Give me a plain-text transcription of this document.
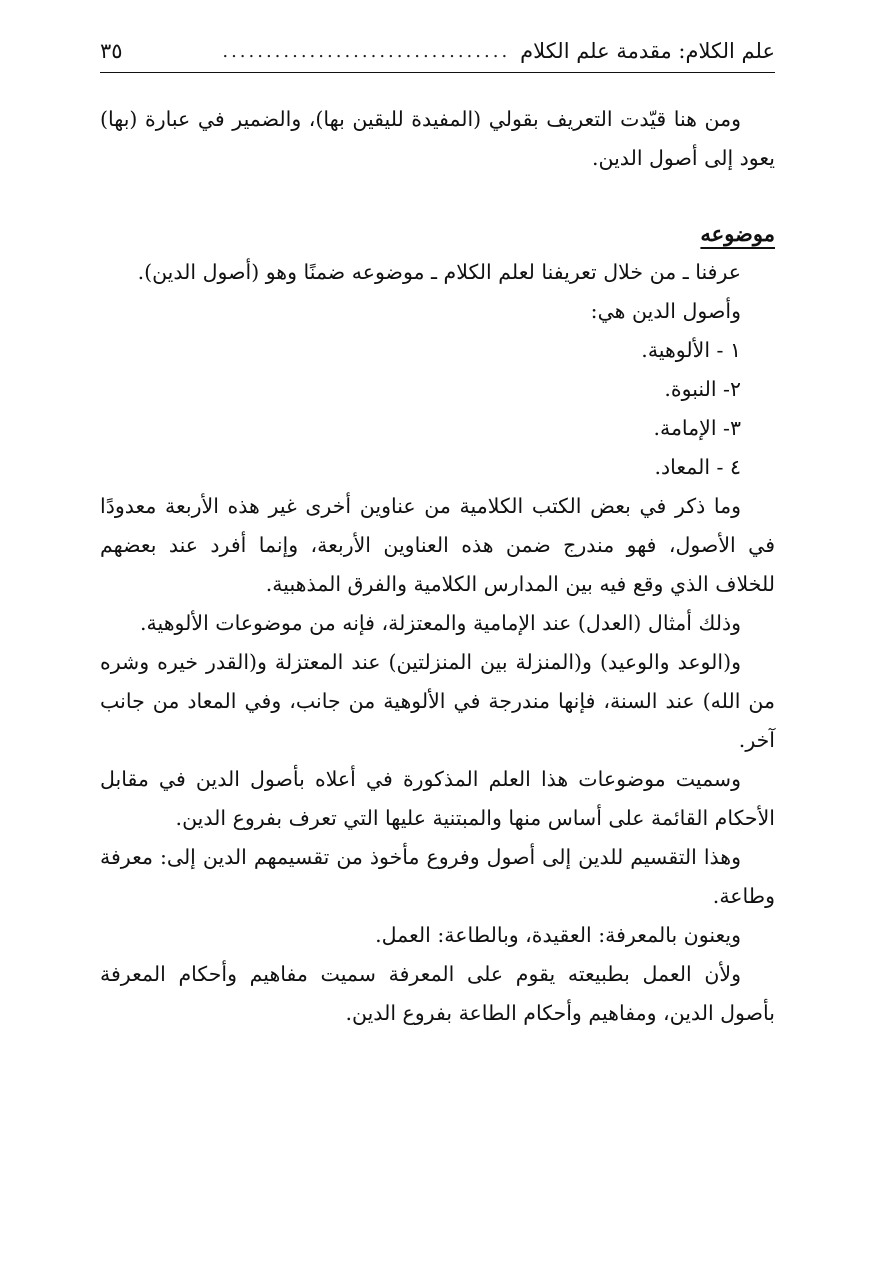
علم الكلام: مقدمة علم الكلام
.................................
٣٥

ومن هنا قيّدت التعريف بقولي (المفيدة لليقين بها)، والضمير في عبارة (بها) يعود إلى أصول الدين.

موضوعه

عرفنا ـ من خلال تعريفنا لعلم الكلام ـ موضوعه ضمنًا وهو (أصول الدين).

وأصول الدين هي:

١ - الألوهية.

٢- النبوة.

٣- الإمامة.

٤ - المعاد.

وما ذكر في بعض الكتب الكلامية من عناوين أخرى غير هذه الأربعة معدودًا في الأصول، فهو مندرج ضمن هذه العناوين الأربعة، وإنما أفرد عند بعضهم للخلاف الذي وقع فيه بين المدارس الكلامية والفرق المذهبية.

وذلك أمثال (العدل) عند الإمامية والمعتزلة، فإنه من موضوعات الألوهية.

و(الوعد والوعيد) و(المنزلة بين المنزلتين) عند المعتزلة و(القدر خيره وشره من الله) عند السنة، فإنها مندرجة في الألوهية من جانب، وفي المعاد من جانب آخر.

وسميت موضوعات هذا العلم المذكورة في أعلاه بأصول الدين في مقابل الأحكام القائمة على أساس منها والمبتنية عليها التي تعرف بفروع الدين.

وهذا التقسيم للدين إلى أصول وفروع مأخوذ من تقسيمهم الدين إلى: معرفة وطاعة.

ويعنون بالمعرفة: العقيدة، وبالطاعة: العمل.

ولأن العمل بطبيعته يقوم على المعرفة سميت مفاهيم وأحكام المعرفة بأصول الدين، ومفاهيم وأحكام الطاعة بفروع الدين.
